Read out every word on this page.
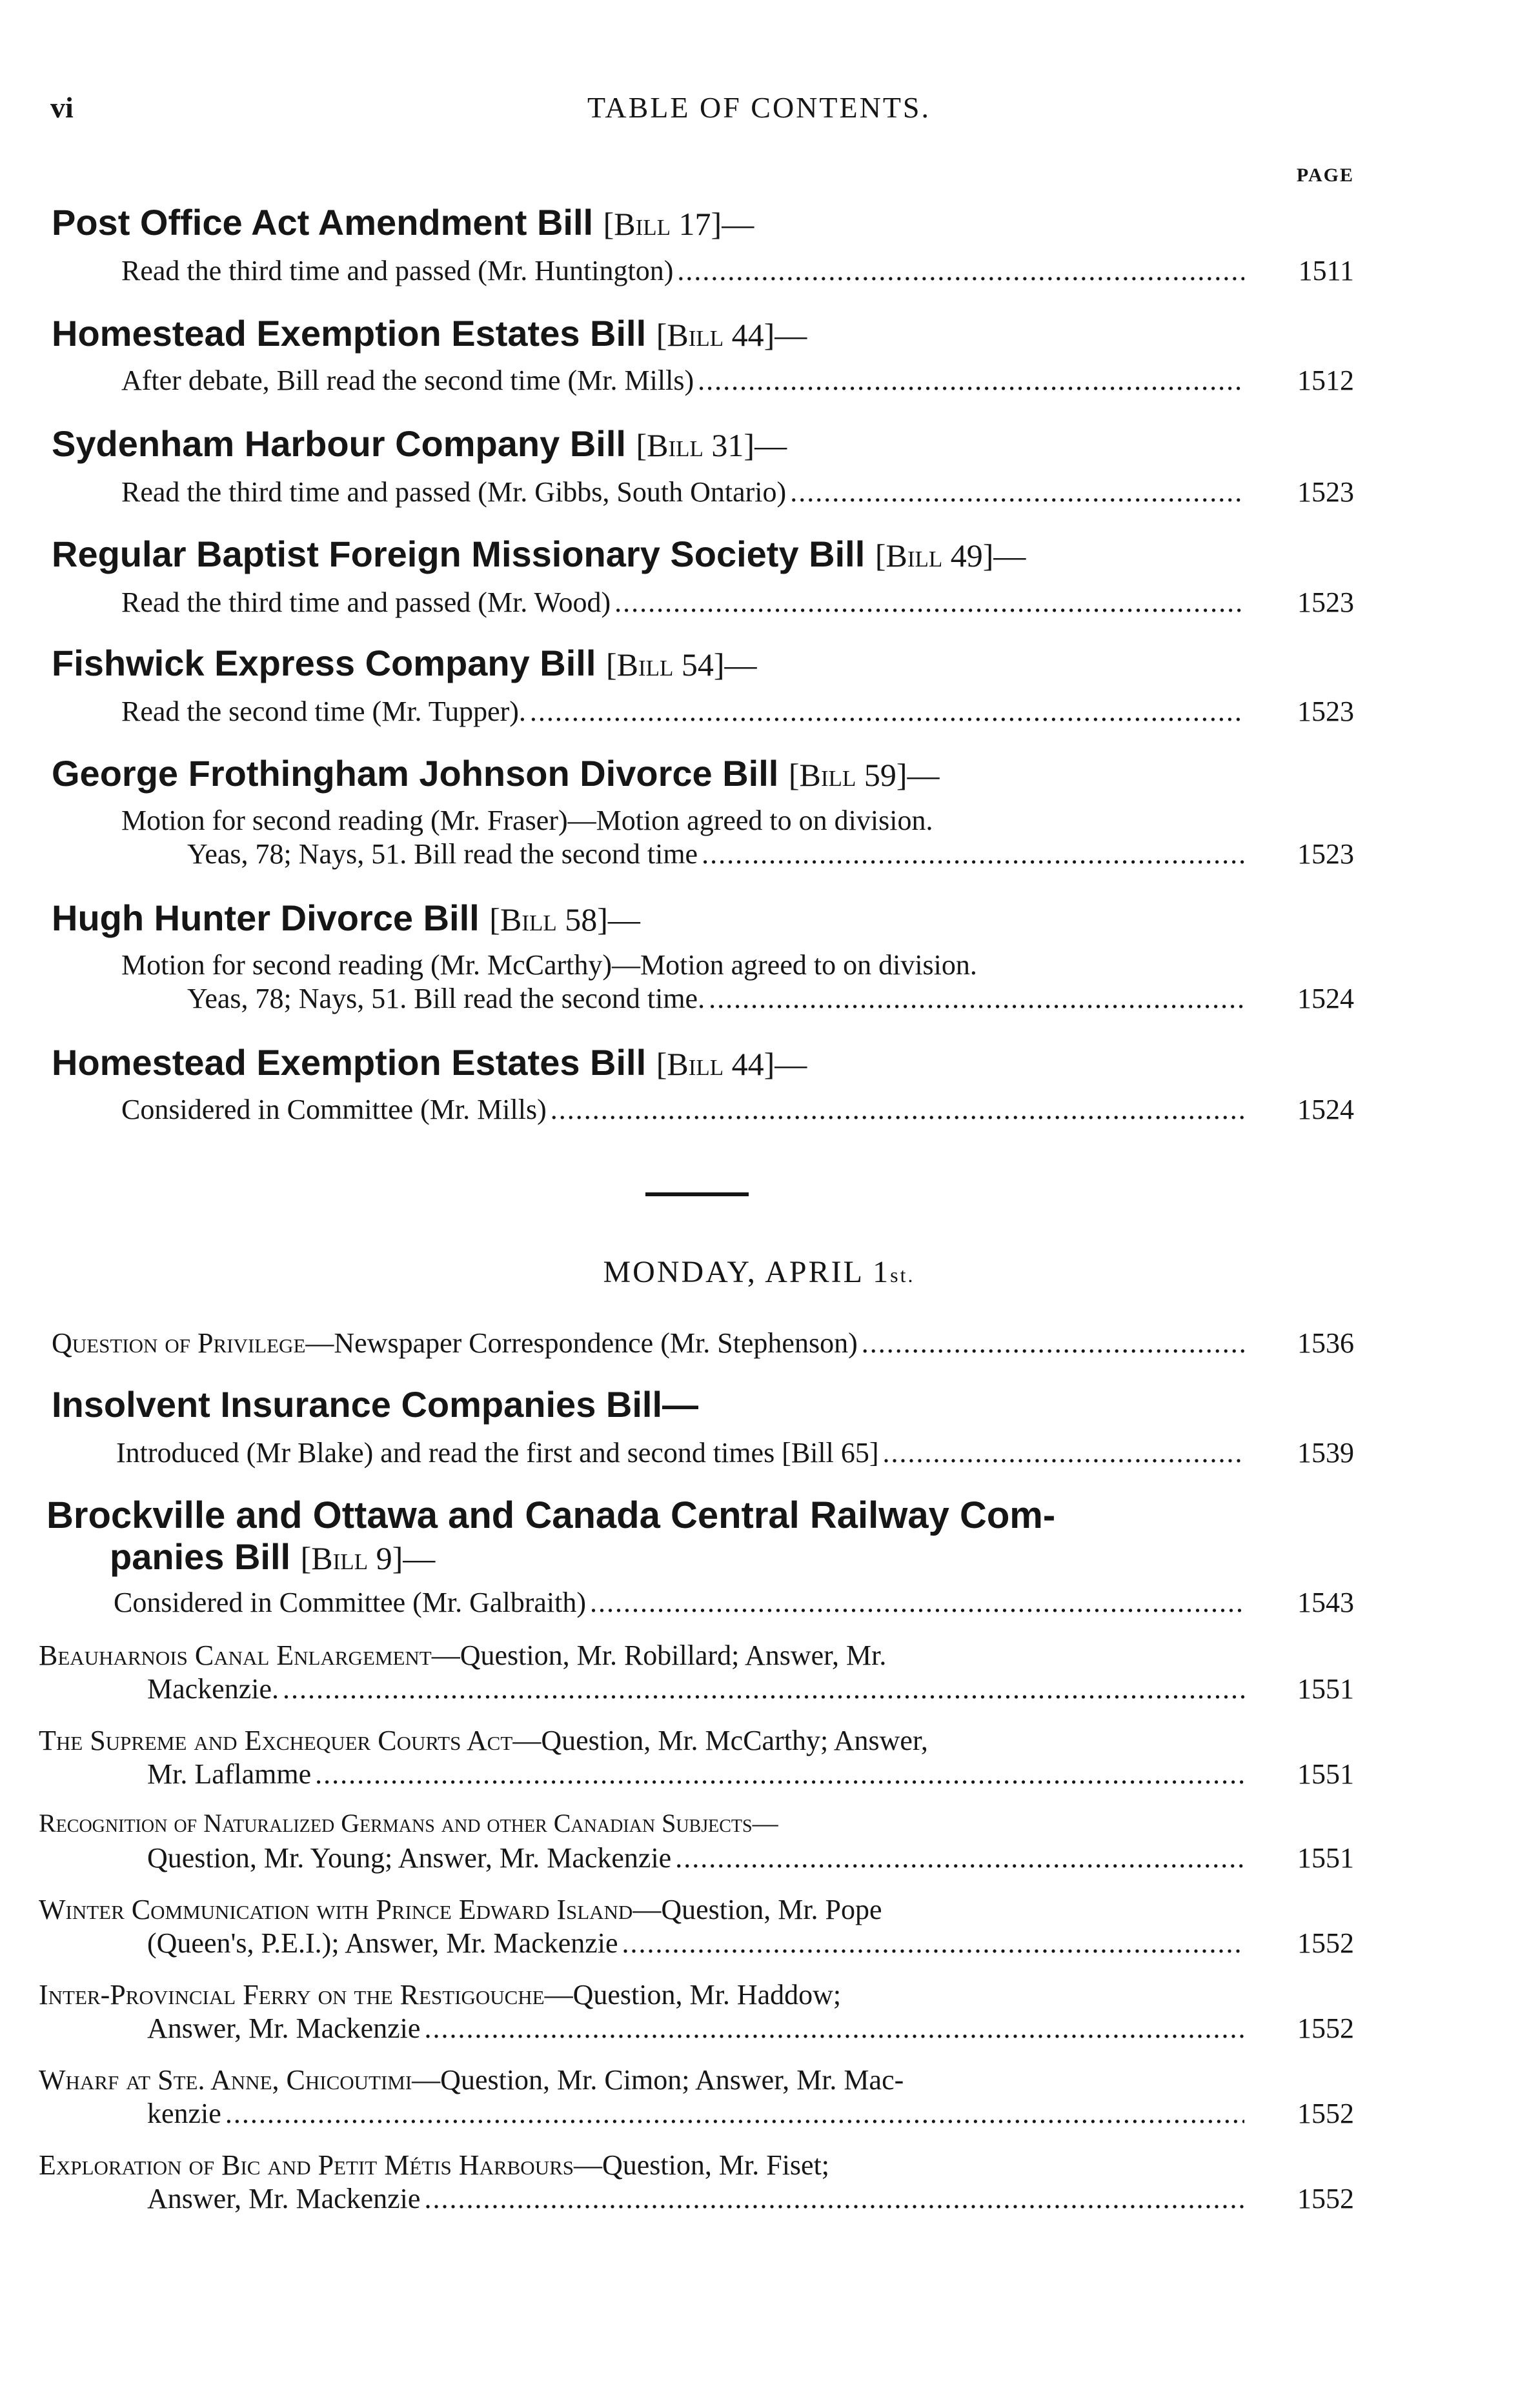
vi	TABLE OF CONTENTS.
PAGE
Post Office Act Amendment Bill [Bill 17]—
Read the third time and passed (Mr. Huntington) .....	1511
Homestead Exemption Estates Bill [Bill 44]—
After debate, Bill read the second time (Mr. Mills) .....	1512
Sydenham Harbour Company Bill [Bill 31]—
Read the third time and passed (Mr. Gibbs, South Ontario) .....	1523
Regular Baptist Foreign Missionary Society Bill [Bill 49]—
Read the third time and passed (Mr. Wood) .....	1523
Fishwick Express Company Bill [Bill 54]—
Read the second time (Mr. Tupper). .....	1523
George Frothingham Johnson Divorce Bill [Bill 59]—
Motion for second reading (Mr. Fraser)—Motion agreed to on division.
Yeas, 78; Nays, 51. Bill read the second time .....	1523
Hugh Hunter Divorce Bill [Bill 58]—
Motion for second reading (Mr. McCarthy)—Motion agreed to on division.
Yeas, 78; Nays, 51. Bill read the second time. .....	1524
Homestead Exemption Estates Bill [Bill 44]—
Considered in Committee (Mr. Mills) .....	1524
MONDAY, APRIL 1st.
Question of Privilege —Newspaper Correspondence (Mr. Stephenson) .....	1536
Insolvent Insurance Companies Bill—
Introduced (Mr Blake) and read the first and second times [Bill 65] .....	1539
Brockville and Ottawa and Canada Central Railway Com-
panies Bill [Bill 9]—
Considered in Committee (Mr. Galbraith) .....	1543
Beauharnois Canal Enlargement —Question, Mr. Robillard; Answer, Mr.
Mackenzie. .....	1551
The Supreme and Exchequer Courts Act —Question, Mr. McCarthy; Answer,
Mr. Laflamme .....	1551
Recognition of Naturalized Germans and other Canadian Subjects —
Question, Mr. Young; Answer, Mr. Mackenzie .....	1551
Winter Communication with Prince Edward Island —Question, Mr. Pope
(Queen's, P.E.I.); Answer, Mr. Mackenzie .....	1552
Inter-Provincial Ferry on the Restigouche —Question, Mr. Haddow;
Answer, Mr. Mackenzie .....	1552
Wharf at Ste. Anne, Chicoutimi —Question, Mr. Cimon; Answer, Mr. Mac-
kenzie .....	1552
Exploration of Bic and Petit Métis Harbours —Question, Mr. Fiset;
Answer, Mr. Mackenzie .....	1552
